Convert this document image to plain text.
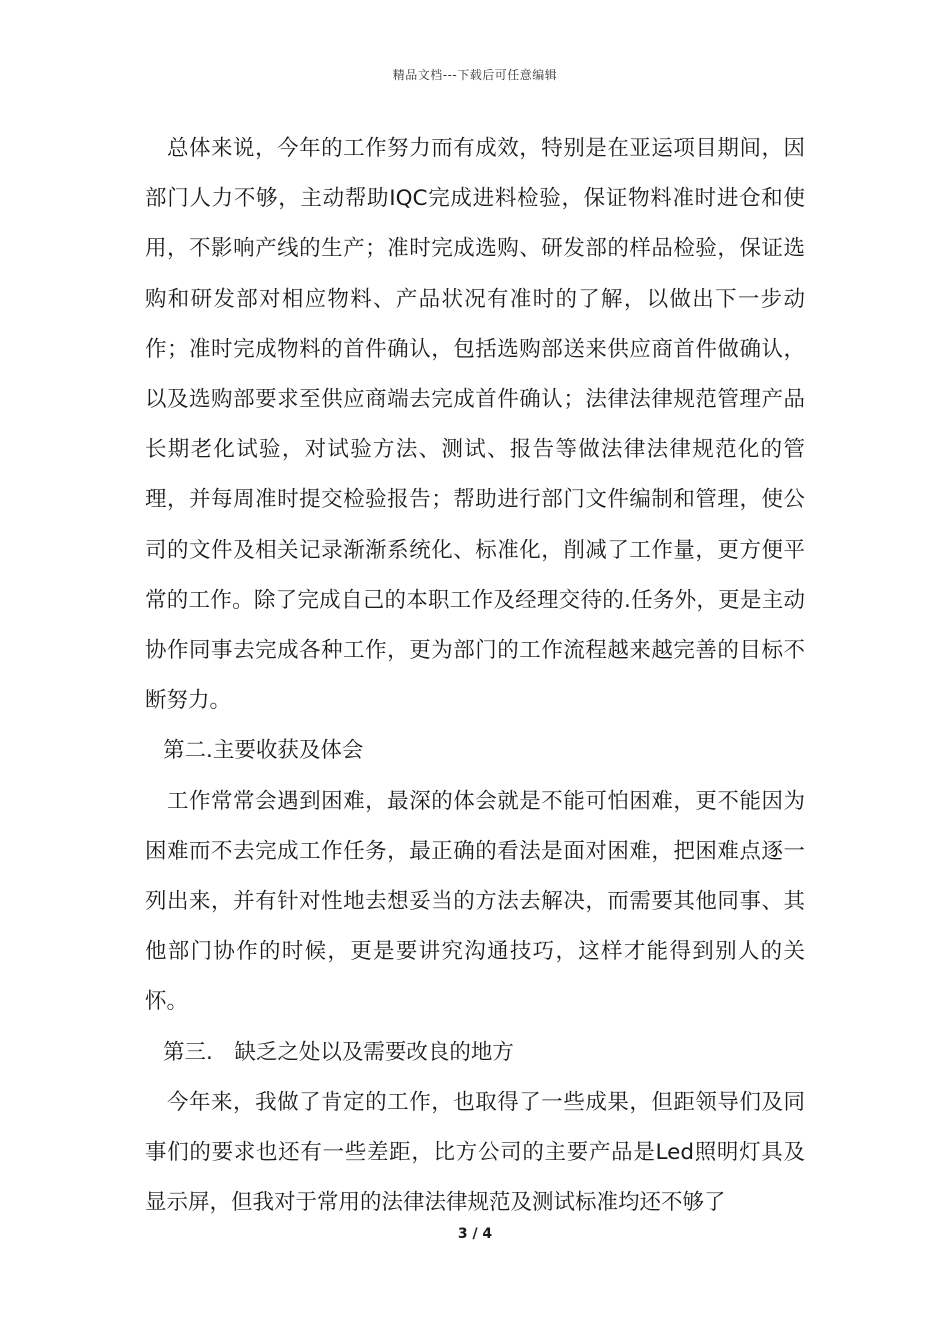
精品文档---下载后可任意编辑

总体来说，今年的工作努力而有成效，特别是在亚运项目期间，因部门人力不够，主动帮助IQC完成进料检验，保证物料准时进仓和使用，不影响产线的生产；准时完成选购、研发部的样品检验，保证选购和研发部对相应物料、产品状况有准时的了解，以做出下一步动作；准时完成物料的首件确认，包括选购部送来供应商首件做确认，以及选购部要求至供应商端去完成首件确认；法律法律规范管理产品长期老化试验，对试验方法、测试、报告等做法律法律规范化的管理，并每周准时提交检验报告；帮助进行部门文件编制和管理，使公司的文件及相关记录渐渐系统化、标准化，削减了工作量，更方便平常的工作。除了完成自己的本职工作及经理交待的.任务外，更是主动协作同事去完成各种工作，更为部门的工作流程越来越完善的目标不断努力。

第二.主要收获及体会

工作常常会遇到困难，最深的体会就是不能可怕困难，更不能因为困难而不去完成工作任务，最正确的看法是面对困难，把困难点逐一列出来，并有针对性地去想妥当的方法去解决，而需要其他同事、其他部门协作的时候，更是要讲究沟通技巧，这样才能得到别人的关怀。

第三.　缺乏之处以及需要改良的地方

今年来，我做了肯定的工作，也取得了一些成果，但距领导们及同事们的要求也还有一些差距，比方公司的主要产品是Led照明灯具及显示屏，但我对于常用的法律法律规范及测试标准均还不够了

3 / 4
